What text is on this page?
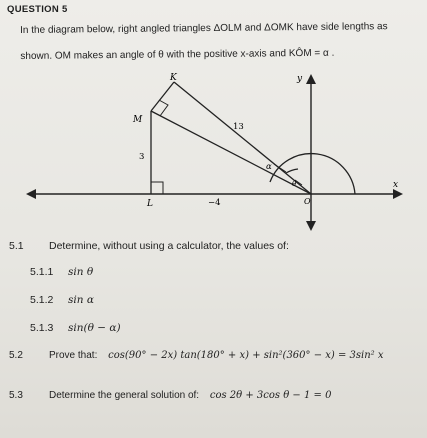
QUESTION 5
In the diagram below, right angled triangles ΔOLM and ΔOMK have side lengths as
shown. OM makes an angle of θ with the positive x-axis and KÔM = α .
K
M
L	O
y
x
13
3
−4
α
θ
5.1 Determine, without using a calculator, the values of:
5.1.1 sin θ
5.1.2 sin α
5.1.3 sin(θ − α)
5.2	Prove that: cos(90° − 2x) tan(180° + x) + sin²(360° − x) = 3sin² x
5.3	Determine the general solution of: cos 2θ + 3cos θ − 1 = 0
